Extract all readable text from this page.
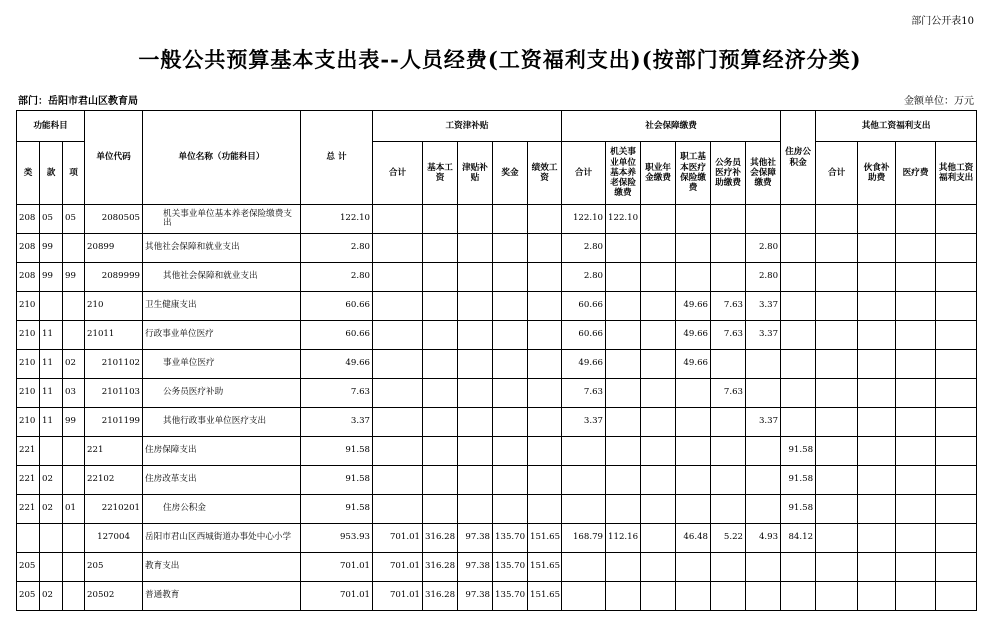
部门公开表10
一般公共预算基本支出表--人员经费(工资福利支出)(按部门预算经济分类)
部门：岳阳市君山区教育局	金额单位：万元
功能科目			单位代码	单位名称（功能科目）	总 计	工资津补贴					社会保障缴费						住房公积金	其他工资福利支出			
类	款	项				合计	基本工资	津贴补贴	奖金	绩效工资	合计	机关事业单位基本养老保险缴费	职业年金缴费	职工基本医疗保险缴费	公务员医疗补助缴费	其他社会保障缴费		合计	伙食补助费	医疗费	其他工资福利支出
208	05	05	2080505	机关事业单位基本养老保险缴费支出	122.10						122.10	122.10									
208	99		20899	其他社会保障和就业支出	2.80						2.80					2.80					
208	99	99	2089999	其他社会保障和就业支出	2.80						2.80					2.80					
210			210	卫生健康支出	60.66						60.66			49.66	7.63	3.37					
210	11		21011	行政事业单位医疗	60.66						60.66			49.66	7.63	3.37					
210	11	02	2101102	事业单位医疗	49.66						49.66			49.66							
210	11	03	2101103	公务员医疗补助	7.63						7.63				7.63						
210	11	99	2101199	其他行政事业单位医疗支出	3.37						3.37					3.37					
221			221	住房保障支出	91.58												91.58				
221	02		22102	住房改革支出	91.58												91.58				
221	02	01	2210201	住房公积金	91.58												91.58				
			127004	岳阳市君山区西城街道办事处中心小学	953.93	701.01	316.28	97.38	135.70	151.65	168.79	112.16		46.48	5.22	4.93	84.12				
205			205	教育支出	701.01	701.01	316.28	97.38	135.70	151.65											
205	02		20502	普通教育	701.01	701.01	316.28	97.38	135.70	151.65											
